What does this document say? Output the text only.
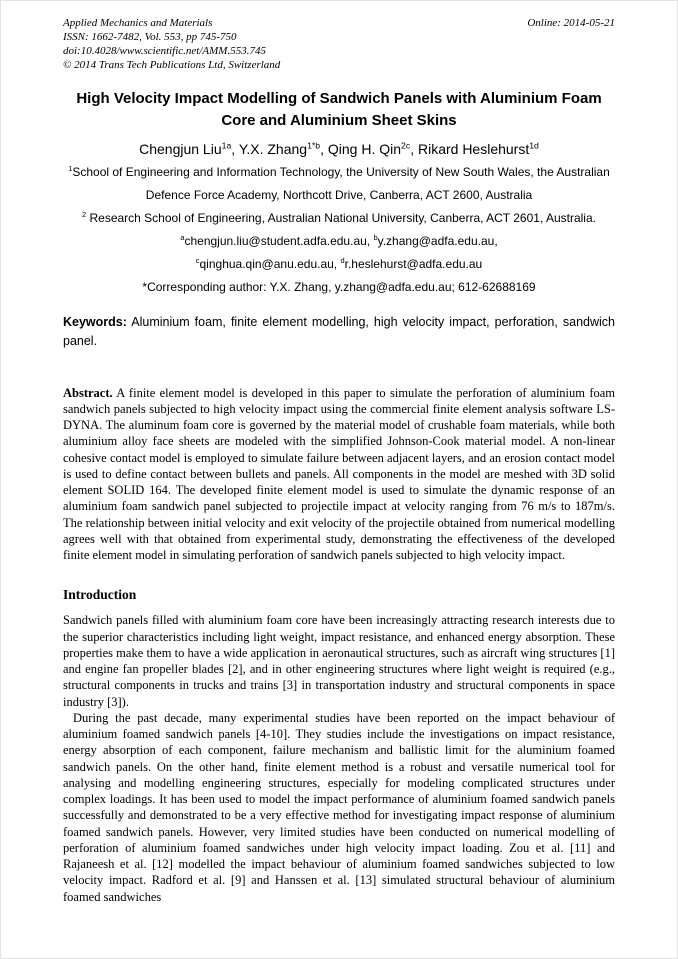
Applied Mechanics and Materials
ISSN: 1662-7482, Vol. 553, pp 745-750
doi:10.4028/www.scientific.net/AMM.553.745
© 2014 Trans Tech Publications Ltd, Switzerland
Online: 2014-05-21
High Velocity Impact Modelling of Sandwich Panels with Aluminium Foam Core and Aluminium Sheet Skins
Chengjun Liu$^{1a}$, Y.X. Zhang$^{1*b}$, Qing H. Qin$^{2c}$, Rikard Heslehurst$^{1d}$
$^1$School of Engineering and Information Technology, the University of New South Wales, the Australian Defence Force Academy, Northcott Drive, Canberra, ACT 2600, Australia
$^2$ Research School of Engineering, Australian National University, Canberra, ACT 2601, Australia.
$^a$chengjun.liu@student.adfa.edu.au, $^b$y.zhang@adfa.edu.au,
$^c$qinghua.qin@anu.edu.au, $^d$r.heslehurst@adfa.edu.au
*Corresponding author: Y.X. Zhang, y.zhang@adfa.edu.au; 612-62688169

Keywords: Aluminium foam, finite element modelling, high velocity impact, perforation, sandwich panel.

Abstract. A finite element model is developed in this paper to simulate the perforation of aluminium foam sandwich panels subjected to high velocity impact using the commercial finite element analysis software LS-DYNA. The aluminum foam core is governed by the material model of crushable foam materials, while both aluminium alloy face sheets are modeled with the simplified Johnson-Cook material model. A non-linear cohesive contact model is employed to simulate failure between adjacent layers, and an erosion contact model is used to define contact between bullets and panels. All components in the model are meshed with 3D solid element SOLID 164. The developed finite element model is used to simulate the dynamic response of an aluminium foam sandwich panel subjected to projectile impact at velocity ranging from 76 m/s to 187m/s. The relationship between initial velocity and exit velocity of the projectile obtained from numerical modelling agrees well with that obtained from experimental study, demonstrating the effectiveness of the developed finite element model in simulating perforation of sandwich panels subjected to high velocity impact.

Introduction

Sandwich panels filled with aluminium foam core have been increasingly attracting research interests due to the superior characteristics including light weight, impact resistance, and enhanced energy absorption. These properties make them to have a wide application in aeronautical structures, such as aircraft wing structures [1] and engine fan propeller blades [2], and in other engineering structures where light weight is required (e.g., structural components in trucks and trains [3] in transportation industry and structural components in space industry [3]).

During the past decade, many experimental studies have been reported on the impact behaviour of aluminium foamed sandwich panels [4-10]. They studies include the investigations on impact resistance, energy absorption of each component, failure mechanism and ballistic limit for the aluminium foamed sandwich panels. On the other hand, finite element method is a robust and versatile numerical tool for analysing and modelling engineering structures, especially for modeling complicated structures under complex loadings. It has been used to model the impact performance of aluminium foamed sandwich panels successfully and demonstrated to be a very effective method for investigating impact response of aluminium foamed sandwich panels. However, very limited studies have been conducted on numerical modelling of perforation of aluminium foamed sandwiches under high velocity impact loading. Zou et al. [11] and Rajaneesh et al. [12] modelled the impact behaviour of aluminium foamed sandwiches subjected to low velocity impact. Radford et al. [9] and Hanssen et al. [13] simulated structural behaviour of aluminium foamed sandwiches
